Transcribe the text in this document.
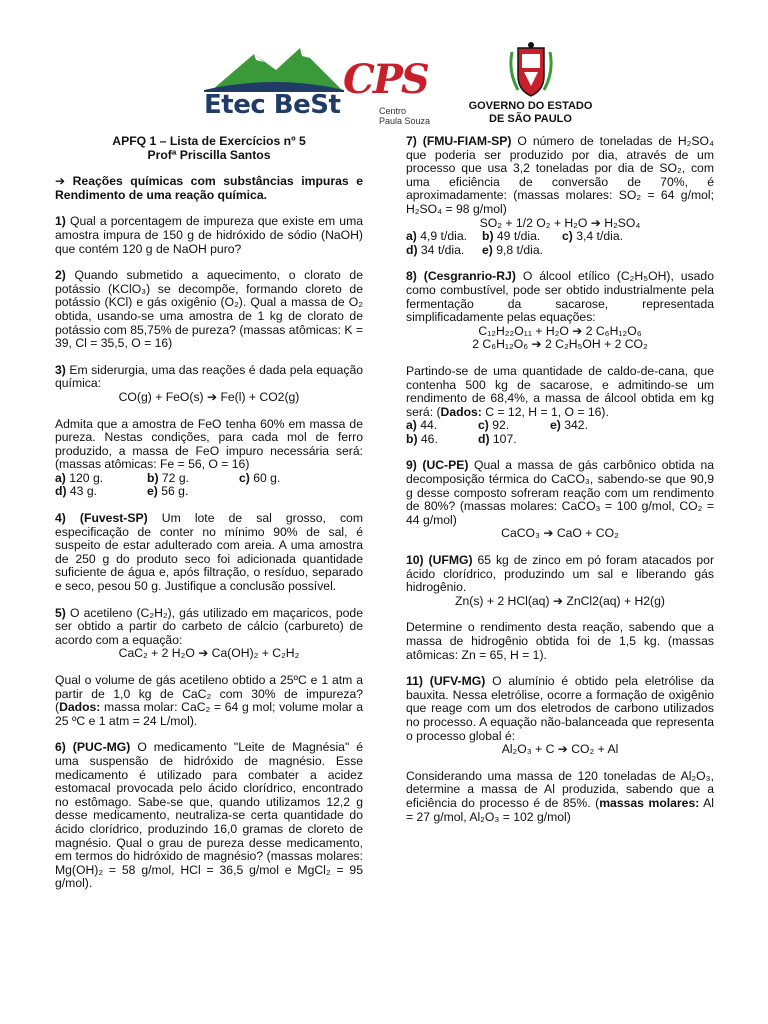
Etec BeSt
CPS
Centro
Paula Souza
GOVERNO DO ESTADO
DE SÃO PAULO

APFQ 1 – Lista de Exercícios nº 5

Profª Priscilla Santos

➔ Reações químicas com substâncias impuras e Rendimento de uma reação química.

1) Qual a porcentagem de impureza que existe em uma amostra impura de 150 g de hidróxido de sódio (NaOH) que contém 120 g de NaOH puro?

2) Quando submetido a aquecimento, o clorato de potássio (KClO₃) se decompõe, formando cloreto de potássio (KCl) e gás oxigênio (O₂). Qual a massa de O₂ obtida, usando-se uma amostra de 1 kg de clorato de potássio com 85,75% de pureza? (massas atômicas: K = 39, Cl = 35,5, O = 16)

3) Em siderurgia, uma das reações é dada pela equação química:

CO(g) + FeO(s) ➔ Fe(l) + CO2(g)

Admita que a amostra de FeO tenha 60% em massa de pureza. Nestas condições, para cada mol de ferro produzido, a massa de FeO impuro necessária será: (massas atômicas: Fe = 56, O = 16)

a) 120 g.	b) 72 g.	c) 60 g.
d) 43 g.	e) 56 g.

4) (Fuvest-SP) Um lote de sal grosso, com especificação de conter no mínimo 90% de sal, é suspeito de estar adulterado com areia. A uma amostra de 250 g do produto seco foi adicionada quantidade suficiente de água e, após filtração, o resíduo, separado e seco, pesou 50 g. Justifique a conclusão possível.

5) O acetileno (C₂H₂), gás utilizado em maçaricos, pode ser obtido a partir do carbeto de cálcio (carbureto) de acordo com a equação:

CaC₂ + 2 H₂O ➔ Ca(OH)₂ + C₂H₂

Qual o volume de gás acetileno obtido a 25ºC e 1 atm a partir de 1,0 kg de CaC₂ com 30% de impureza? (Dados: massa molar: CaC₂ = 64 g mol; volume molar a 25 ºC e 1 atm = 24 L/mol).

6) (PUC-MG) O medicamento "Leite de Magnésia" é uma suspensão de hidróxido de magnésio. Esse medicamento é utilizado para combater a acidez estomacal provocada pelo ácido clorídrico, encontrado no estômago. Sabe-se que, quando utilizamos 12,2 g desse medicamento, neutraliza-se certa quantidade do ácido clorídrico, produzindo 16,0 gramas de cloreto de magnésio. Qual o grau de pureza desse medicamento, em termos do hidróxido de magnésio? (massas molares: Mg(OH)₂ = 58 g/mol, HCl = 36,5 g/mol e MgCl₂ = 95 g/mol).

7) (FMU-FIAM-SP) O número de toneladas de H₂SO₄ que poderia ser produzido por dia, através de um processo que usa 3,2 toneladas por dia de SO₂, com uma eficiência de conversão de 70%, é aproximadamente: (massas molares: SO₂ = 64 g/mol; H₂SO₄ = 98 g/mol)

SO₂ + 1/2 O₂ + H₂O ➔ H₂SO₄

a) 4,9 t/dia.	b) 49 t/dia.	c) 3,4 t/dia.
d) 34 t/dia.	e) 9,8 t/dia.

8) (Cesgranrio-RJ) O álcool etílico (C₂H₅OH), usado como combustível, pode ser obtido industrialmente pela fermentação da sacarose, representada simplificadamente pelas equações:

C₁₂H₂₂O₁₁ + H₂O ➔ 2 C₆H₁₂O₆

2 C₆H₁₂O₆ ➔ 2 C₂H₅OH + 2 CO₂

Partindo-se de uma quantidade de caldo-de-cana, que contenha 500 kg de sacarose, e admitindo-se um rendimento de 68,4%, a massa de álcool obtida em kg será: (Dados: C = 12, H = 1, O = 16).

a) 44.	c) 92.	e) 342.
b) 46.	d) 107.

9) (UC-PE) Qual a massa de gás carbônico obtida na decomposição térmica do CaCO₃, sabendo-se que 90,9 g desse composto sofreram reação com um rendimento de 80%? (massas molares: CaCO₃ = 100 g/mol, CO₂ = 44 g/mol)

CaCO₃ ➔ CaO + CO₂

10) (UFMG) 65 kg de zinco em pó foram atacados por ácido clorídrico, produzindo um sal e liberando gás hidrogênio.

Zn(s) + 2 HCl(aq) ➔ ZnCl2(aq) + H2(g)

Determine o rendimento desta reação, sabendo que a massa de hidrogênio obtida foi de 1,5 kg. (massas atômicas: Zn = 65, H = 1).

11) (UFV-MG) O alumínio é obtido pela eletrólise da bauxita. Nessa eletrólise, ocorre a formação de oxigênio que reage com um dos eletrodos de carbono utilizados no processo. A equação não-balanceada que representa o processo global é:

Al₂O₃ + C ➔ CO₂ + Al

Considerando uma massa de 120 toneladas de Al₂O₃, determine a massa de Al produzida, sabendo que a eficiência do processo é de 85%. (massas molares: Al = 27 g/mol, Al₂O₃ = 102 g/mol)
